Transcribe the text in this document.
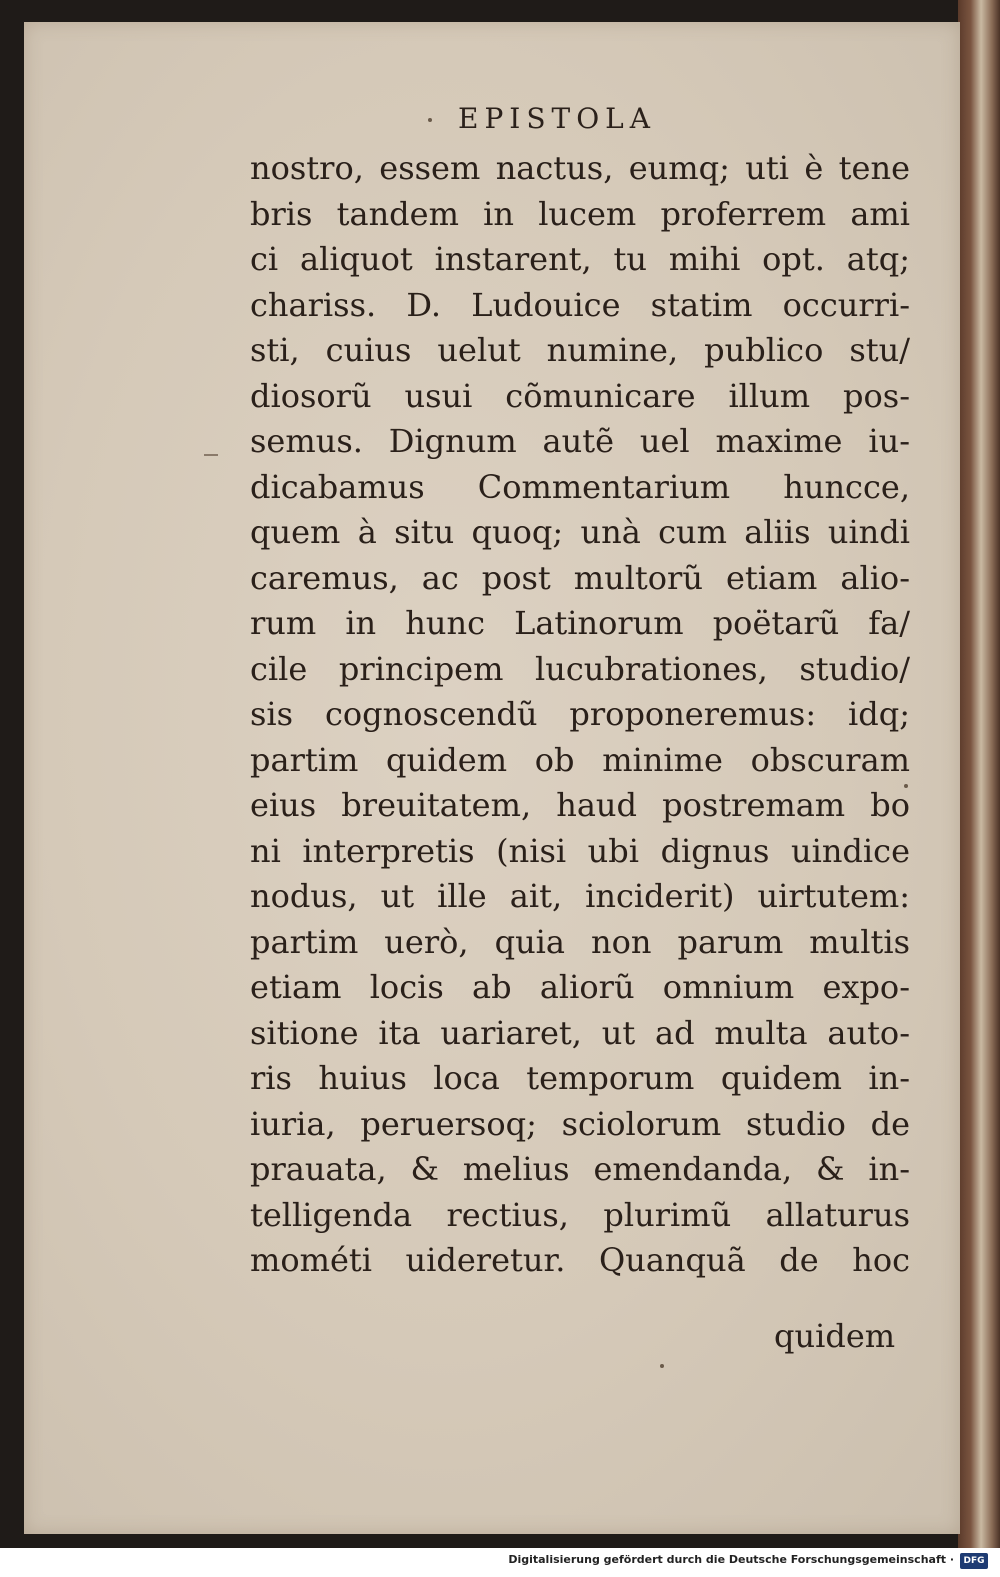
EPISTOLA
nostro, essem nactus, eumq; uti è tene
bris tandem in lucem proferrem ami
ci aliquot instarent, tu mihi opt. atq;
chariss. D. Ludouice statim occurri-
sti, cuius uelut numine, publico stu/
diosorũ usui cõmunicare illum pos-
semus. Dignum autẽ uel maxime iu-
dicabamus Commentarium huncce,
quem à situ quoq; unà cum aliis uindi
caremus, ac post multorũ etiam alio-
rum in hunc Latinorum poëtarũ fa/
cile principem lucubrationes, studio/
sis cognoscendũ proponeremus: idq;
partim quidem ob minime obscuram
eius breuitatem, haud postremam bo
ni interpretis (nisi ubi dignus uindice
nodus, ut ille ait, inciderit) uirtutem:
partim uerò, quia non parum multis
etiam locis ab aliorũ omnium expo-
sitione ita uariaret, ut ad multa auto-
ris huius loca temporum quidem in-
iuria, peruersoq; sciolorum studio de
prauata, & melius emendanda, & in-
telligenda rectius, plurimũ allaturus
mométi uideretur. Quanquã de hoc
quidem
Digitalisierung gefördert durch die Deutsche Forschungsgemeinschaft ·	DFG
